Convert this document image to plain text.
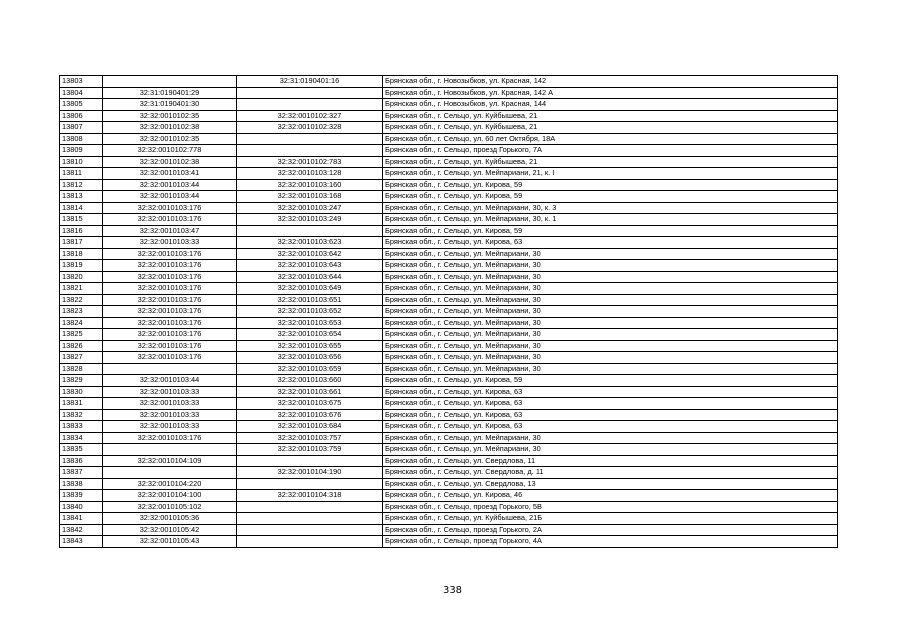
13803		32:31:0190401:16	Брянская обл., г. Новозыбков, ул. Красная, 142
13804	32:31:0190401:29		Брянская обл., г. Новозыбков, ул. Красная, 142 А
13805	32:31:0190401:30		Брянская обл., г. Новозыбков, ул. Красная, 144
13806	32:32:0010102:35	32:32:0010102:327	Брянская обл., г. Сельцо, ул. Куйбышева, 21
13807	32:32:0010102:38	32:32:0010102:328	Брянская обл., г. Сельцо, ул. Куйбышева, 21
13808	32:32:0010102:35		Брянская обл., г. Сельцо, ул. 60 лет Октября, 18А
13809	32:32:0010102:778		Брянская обл., г. Сельцо, проезд Горького, 7А
13810	32:32:0010102:38	32:32:0010102:783	Брянская обл., г. Сельцо, ул. Куйбышева, 21
13811	32:32:0010103:41	32:32:0010103:128	Брянская обл., г. Сельцо, ул. Мейпариани, 21, к. I
13812	32:32:0010103:44	32:32:0010103:160	Брянская обл., г. Сельцо, ул. Кирова, 59
13813	32:32:0010103:44	32:32:0010103:168	Брянская обл., г. Сельцо, ул. Кирова, 59
13814	32:32:0010103:176	32:32:0010103:247	Брянская обл., г. Сельцо, ул. Мейпариани, 30, к. 3
13815	32:32:0010103:176	32:32:0010103:249	Брянская обл., г. Сельцо, ул. Мейпариани, 30, к. 1
13816	32:32:0010103:47		Брянская обл., г. Сельцо, ул. Кирова, 59
13817	32:32:0010103:33	32:32:0010103:623	Брянская обл., г. Сельцо, ул. Кирова, 63
13818	32:32:0010103:176	32:32:0010103:642	Брянская обл., г. Сельцо, ул. Мейпариани, 30
13819	32:32:0010103:176	32:32:0010103:643	Брянская обл., г. Сельцо, ул. Мейпариани, 30
13820	32:32:0010103:176	32:32:0010103:644	Брянская обл., г. Сельцо, ул. Мейпариани, 30
13821	32:32:0010103:176	32:32:0010103:649	Брянская обл., г. Сельцо, ул. Мейпариани, 30
13822	32:32:0010103:176	32:32:0010103:651	Брянская обл., г. Сельцо, ул. Мейпариани, 30
13823	32:32:0010103:176	32:32:0010103:652	Брянская обл., г. Сельцо, ул. Мейпариани, 30
13824	32:32:0010103:176	32:32:0010103:653	Брянская обл., г. Сельцо, ул. Мейпариани, 30
13825	32:32:0010103:176	32:32:0010103:654	Брянская обл., г. Сельцо, ул. Мейпариани, 30
13826	32:32:0010103:176	32:32:0010103:655	Брянская обл., г. Сельцо, ул. Мейпариани, 30
13827	32:32:0010103:176	32:32:0010103:656	Брянская обл., г. Сельцо, ул. Мейпариани, 30
13828		32:32:0010103:659	Брянская обл., г. Сельцо, ул. Мейпариани, 30
13829	32:32:0010103:44	32:32:0010103:660	Брянская обл., г. Сельцо, ул. Кирова, 59
13830	32:32:0010103:33	32:32:0010103:661	Брянская обл., г. Сельцо, ул. Кирова, 63
13831	32:32:0010103:33	32:32:0010103:675	Брянская обл., г. Сельцо, ул. Кирова, 63
13832	32:32:0010103:33	32:32:0010103:676	Брянская обл., г. Сельцо, ул. Кирова, 63
13833	32:32:0010103:33	32:32:0010103:684	Брянская обл., г. Сельцо, ул. Кирова, 63
13834	32:32:0010103:176	32:32:0010103:757	Брянская обл., г. Сельцо, ул. Мейпариани, 30
13835		32:32:0010103:759	Брянская обл., г. Сельцо, ул. Мейпариани, 30
13836	32:32:0010104:109		Брянская обл., г. Сельцо, ул. Свердлова, 11
13837		32:32:0010104:190	Брянская обл., г. Сельцо, ул. Свердлова, д. 11
13838	32:32:0010104:220		Брянская обл., г. Сельцо, ул. Свердлова, 13
13839	32:32:0010104:100	32:32:0010104:318	Брянская обл., г. Сельцо, ул. Кирова, 46
13840	32:32:0010105:102		Брянская обл., г. Сельцо, проезд Горького, 5В
13841	32:32:0010105:36		Брянская обл., г. Сельцо, ул. Куйбышева, 21Б
13842	32:32:0010105:42		Брянская обл., г. Сельцо, проезд Горького, 2А
13843	32:32:0010105:43		Брянская обл., г. Сельцо, проезд Горького, 4А
338
